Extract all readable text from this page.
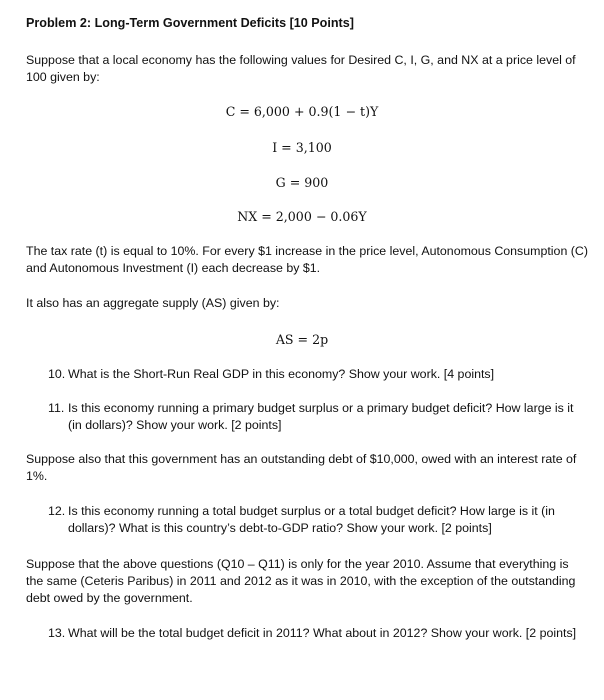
Problem 2: Long-Term Government Deficits [10 Points]
Suppose that a local economy has the following values for Desired C, I, G, and NX at a price level of 100 given by:
C = 6,000 + 0.9(1 − t)Y
I = 3,100
G = 900
NX = 2,000 − 0.06Y
The tax rate (t) is equal to 10%. For every $1 increase in the price level, Autonomous Consumption (C) and Autonomous Investment (I) each decrease by $1.
It also has an aggregate supply (AS) given by:
AS = 2p
10. What is the Short-Run Real GDP in this economy? Show your work. [4 points]
11. Is this economy running a primary budget surplus or a primary budget deficit? How large is it (in dollars)? Show your work. [2 points]
Suppose also that this government has an outstanding debt of $10,000, owed with an interest rate of 1%.
12. Is this economy running a total budget surplus or a total budget deficit? How large is it (in dollars)? What is this country’s debt-to-GDP ratio? Show your work. [2 points]
Suppose that the above questions (Q10 – Q11) is only for the year 2010. Assume that everything is the same (Ceteris Paribus) in 2011 and 2012 as it was in 2010, with the exception of the outstanding debt owed by the government.
13. What will be the total budget deficit in 2011? What about in 2012? Show your work. [2 points]
